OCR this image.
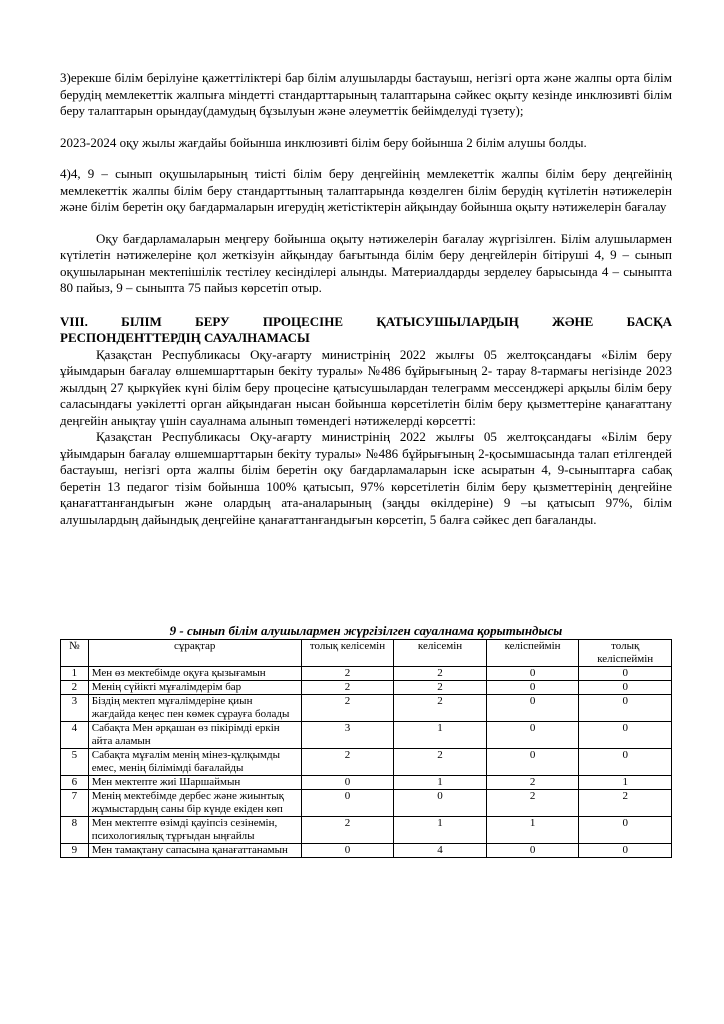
3)ерекше білім берілуіне қажеттіліктері бар білім алушыларды бастауыш, негізгі орта және жалпы орта білім берудің мемлекеттік жалпыға міндетті стандарттарының талаптарына сәйкес оқыту кезінде инклюзивті білім беру талаптарын орындау(дамудың бұзылуын және әлеуметтік бейімделуді түзету);

2023-2024 оқу жылы жағдайы бойынша инклюзивті білім беру бойынша 2 білім алушы болды.

4)4, 9 – сынып оқушыларының тиісті білім беру деңгейінің мемлекеттік жалпы білім беру деңгейінің мемлекеттік жалпы білім беру стандарттының талаптарында көзделген білім берудің күтілетін нәтижелерін және білім беретін оқу бағдармаларын игерудің жетістіктерін айқындау бойынша оқыту нәтижелерін бағалау

Оқу бағдарламаларын меңгеру бойынша оқыту нәтижелерін бағалау жүргізілген. Білім алушылармен күтілетін нәтижелеріне қол жеткізуін айқындау бағытында білім беру деңгейлерін бітіруші 4, 9 – сынып оқушыларынан мектепішілік тестілеу кесінділері алынды. Материалдарды зерделеу барысында 4 – сыныпта 80 пайыз, 9 – сыныпта 75 пайыз көрсетіп отыр.

VIII. БІЛІМ БЕРУ ПРОЦЕСІНЕ ҚАТЫСУШЫЛАРДЫҢ ЖӘНЕ БАСҚА
РЕСПОНДЕНТТЕРДІҢ САУАЛНАМАСЫ

Қазақстан Республикасы Оқу-ағарту министрінің 2022 жылғы 05 желтоқсандағы «Білім беру ұйымдарын бағалау өлшемшарттарын бекіту туралы» №486 бұйрығының 2- тарау 8-тармағы негізінде 2023 жылдың 27 қыркүйек күні білім беру процесіне қатысушылардан телеграмм мессенджері арқылы білім беру саласындағы уәкілетті орган айқындаған нысан бойынша көрсетілетін білім беру қызметтеріне қанағаттану деңгейін анықтау үшін сауалнама алынып төмендегі нәтижелерді көрсетті:

Қазақстан Республикасы Оқу-ағарту министрінің 2022 жылғы 05 желтоқсандағы «Білім беру ұйымдарын бағалау өлшемшарттарын бекіту туралы» №486 бұйрығының 2-қосымшасында талап етілгендей бастауыш, негізгі орта жалпы білім беретін оқу бағдарламаларын іске асыратын 4, 9-сыныптарға сабақ беретін 13 педагог тізім бойынша 100% қатысып, 97% көрсетілетін білім беру қызметтерінің деңгейіне қанағаттанғандығын және олардың ата-аналарының (заңды өкілдеріне) 9 –ы қатысып 97%, білім алушылардың дайындық деңгейіне қанағаттанғандығын көрсетіп, 5 балға сәйкес деп бағаланды.

9 - сынып білім алушылармен жүргізілген сауалнама қорытындысы
№	сұрақтар	толық келісемін	келісемін	келіспеймін	толық келіспеймін
1	Мен өз мектебімде оқуға қызығамын	2	2	0	0
2	Менің сүйікті мұғалімдерім бар	2	2	0	0
3	Біздің мектеп мұғалімдеріне қиын жағдайда кеңес пен көмек сұрауға болады	2	2	0	0
4	Сабақта Мен әрқашан өз пікірімді еркін айта аламын	3	1	0	0
5	Сабақта мұғалім менің мінез-құлқымды емес, менің білімімді бағалайды	2	2	0	0
6	Мен мектепте жиі Шаршаймын	0	1	2	1
7	Менің мектебімде дербес және жиынтық жұмыстардың саны бір күнде екіден көп	0	0	2	2
8	Мен мектепте өзімді қауіпсіз сезінемін, психологиялық тұрғыдан ыңғайлы	2	1	1	0
9	Мен тамақтану сапасына қанағаттанамын	0	4	0	0
